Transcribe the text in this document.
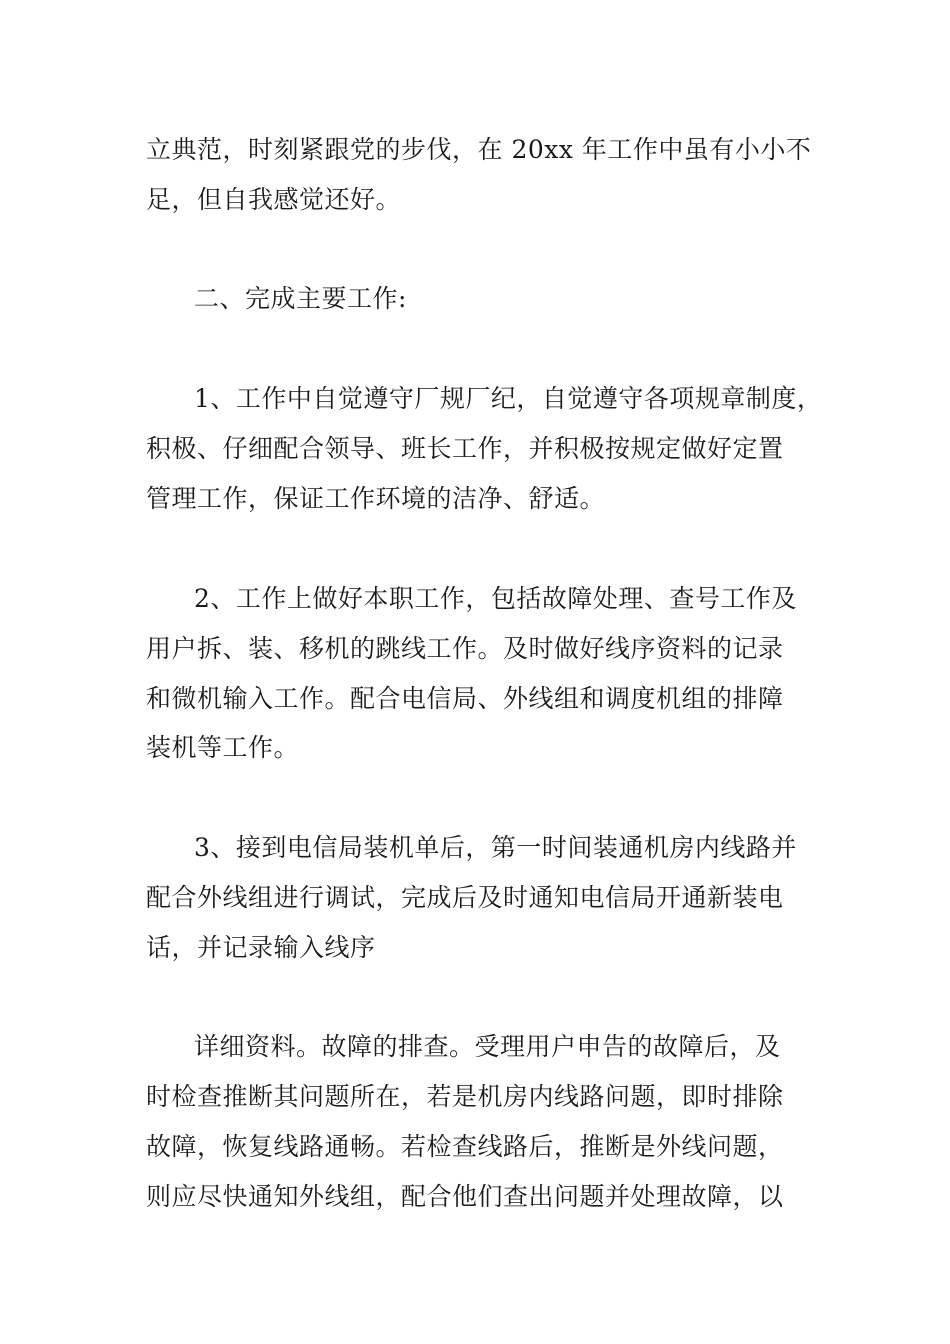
立典范，时刻紧跟党的步伐，在 20xx 年工作中虽有小小不
足，但自我感觉还好。
二、完成主要工作:
1、工作中自觉遵守厂规厂纪，自觉遵守各项规章制度，
积极、仔细配合领导、班长工作，并积极按规定做好定置
管理工作，保证工作环境的洁净、舒适。
2、工作上做好本职工作，包括故障处理、查号工作及
用户拆、装、移机的跳线工作。及时做好线序资料的记录
和微机输入工作。配合电信局、外线组和调度机组的排障
装机等工作。
3、接到电信局装机单后，第一时间装通机房内线路并
配合外线组进行调试，完成后及时通知电信局开通新装电
话，并记录输入线序
详细资料。故障的排查。受理用户申告的故障后，及
时检查推断其问题所在，若是机房内线路问题，即时排除
故障，恢复线路通畅。若检查线路后，推断是外线问题，
则应尽快通知外线组，配合他们查出问题并处理故障，以
